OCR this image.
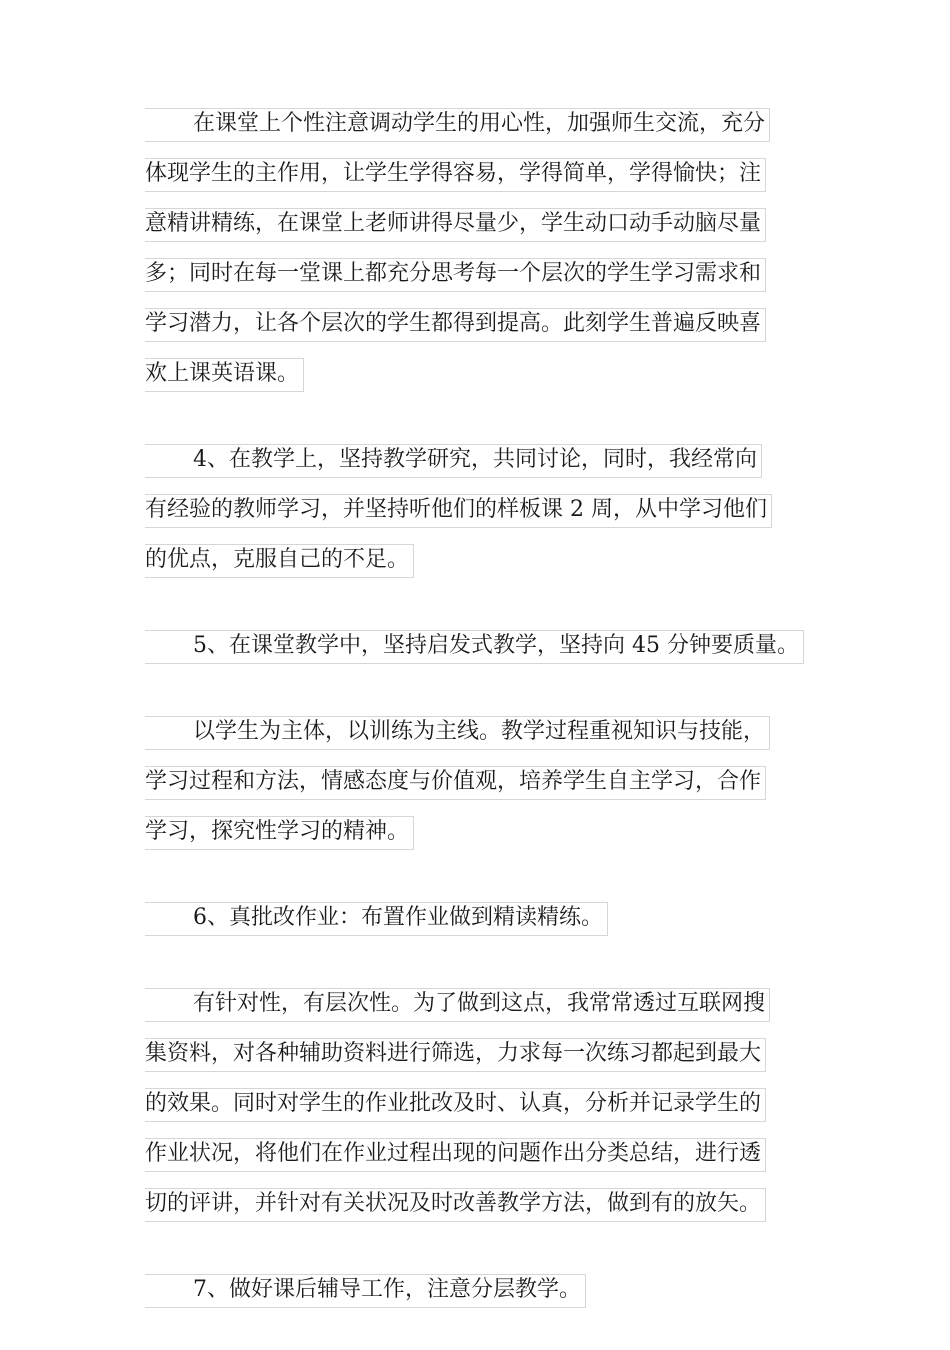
在课堂上个性注意调动学生的用心性，加强师生交流，充分
体现学生的主作用，让学生学得容易，学得简单，学得愉快；注
意精讲精练，在课堂上老师讲得尽量少，学生动口动手动脑尽量
多；同时在每一堂课上都充分思考每一个层次的学生学习需求和
学习潜力，让各个层次的学生都得到提高。此刻学生普遍反映喜
欢上课英语课。
4、在教学上，坚持教学研究，共同讨论，同时，我经常向
有经验的教师学习，并坚持听他们的样板课 2 周，从中学习他们
的优点，克服自己的不足。
5、在课堂教学中，坚持启发式教学，坚持向 45 分钟要质量。
以学生为主体，以训练为主线。教学过程重视知识与技能，
学习过程和方法，情感态度与价值观，培养学生自主学习，合作
学习，探究性学习的精神。
6、真批改作业：布置作业做到精读精练。
有针对性，有层次性。为了做到这点，我常常透过互联网搜
集资料，对各种辅助资料进行筛选，力求每一次练习都起到最大
的效果。同时对学生的作业批改及时、认真，分析并记录学生的
作业状况，将他们在作业过程出现的问题作出分类总结，进行透
切的评讲，并针对有关状况及时改善教学方法，做到有的放矢。
7、做好课后辅导工作，注意分层教学。
